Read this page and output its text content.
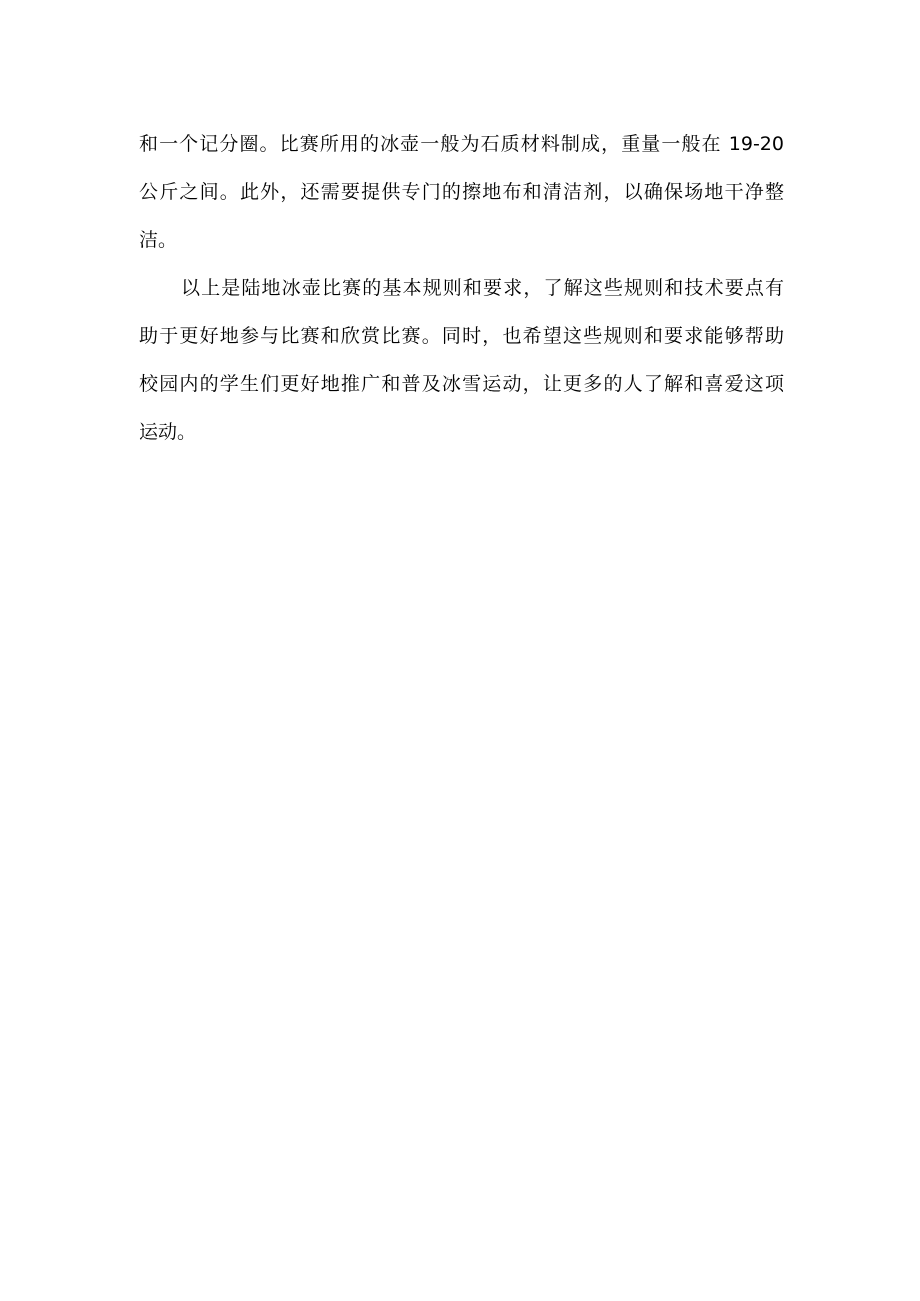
和一个记分圈。比赛所用的冰壶一般为石质材料制成，重量一般在 19-20
公斤之间。此外，还需要提供专门的擦地布和清洁剂，以确保场地干净整
洁。
以上是陆地冰壶比赛的基本规则和要求，了解这些规则和技术要点有
助于更好地参与比赛和欣赏比赛。同时，也希望这些规则和要求能够帮助
校园内的学生们更好地推广和普及冰雪运动，让更多的人了解和喜爱这项
运动。
